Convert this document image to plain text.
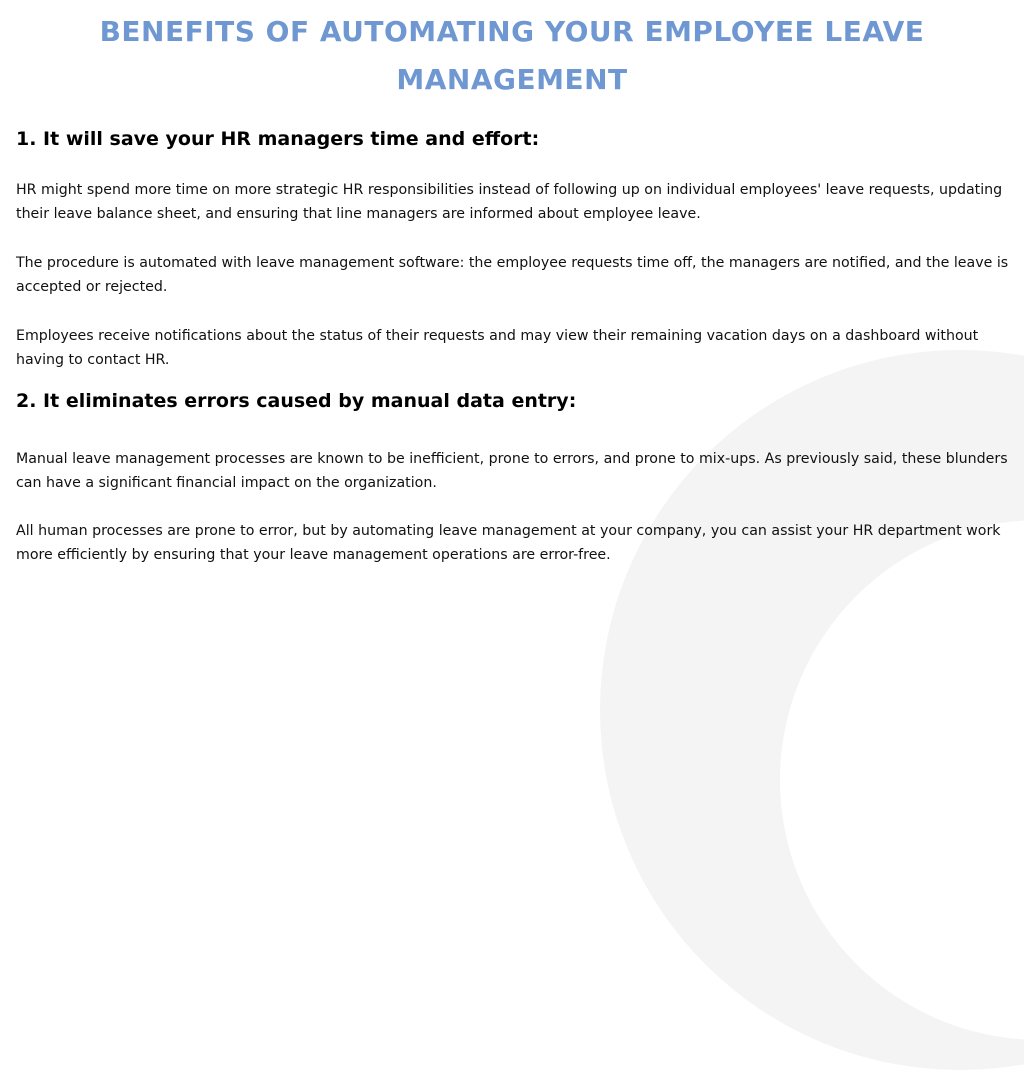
BENEFITS OF AUTOMATING YOUR EMPLOYEE LEAVE MANAGEMENT
1. It will save your HR managers time and effort:

HR might spend more time on more strategic HR responsibilities instead of following up on individual employees' leave requests, updating their leave balance sheet, and ensuring that line managers are informed about employee leave.

The procedure is automated with leave management software: the employee requests time off, the managers are notified, and the leave is accepted or rejected.

Employees receive notifications about the status of their requests and may view their remaining vacation days on a dashboard without having to contact HR.

2. It eliminates errors caused by manual data entry:

Manual leave management processes are known to be inefficient, prone to errors, and prone to mix-ups. As previously said, these blunders can have a significant financial impact on the organization.

All human processes are prone to error, but by automating leave management at your company, you can assist your HR department work more efficiently by ensuring that your leave management operations are error-free.
